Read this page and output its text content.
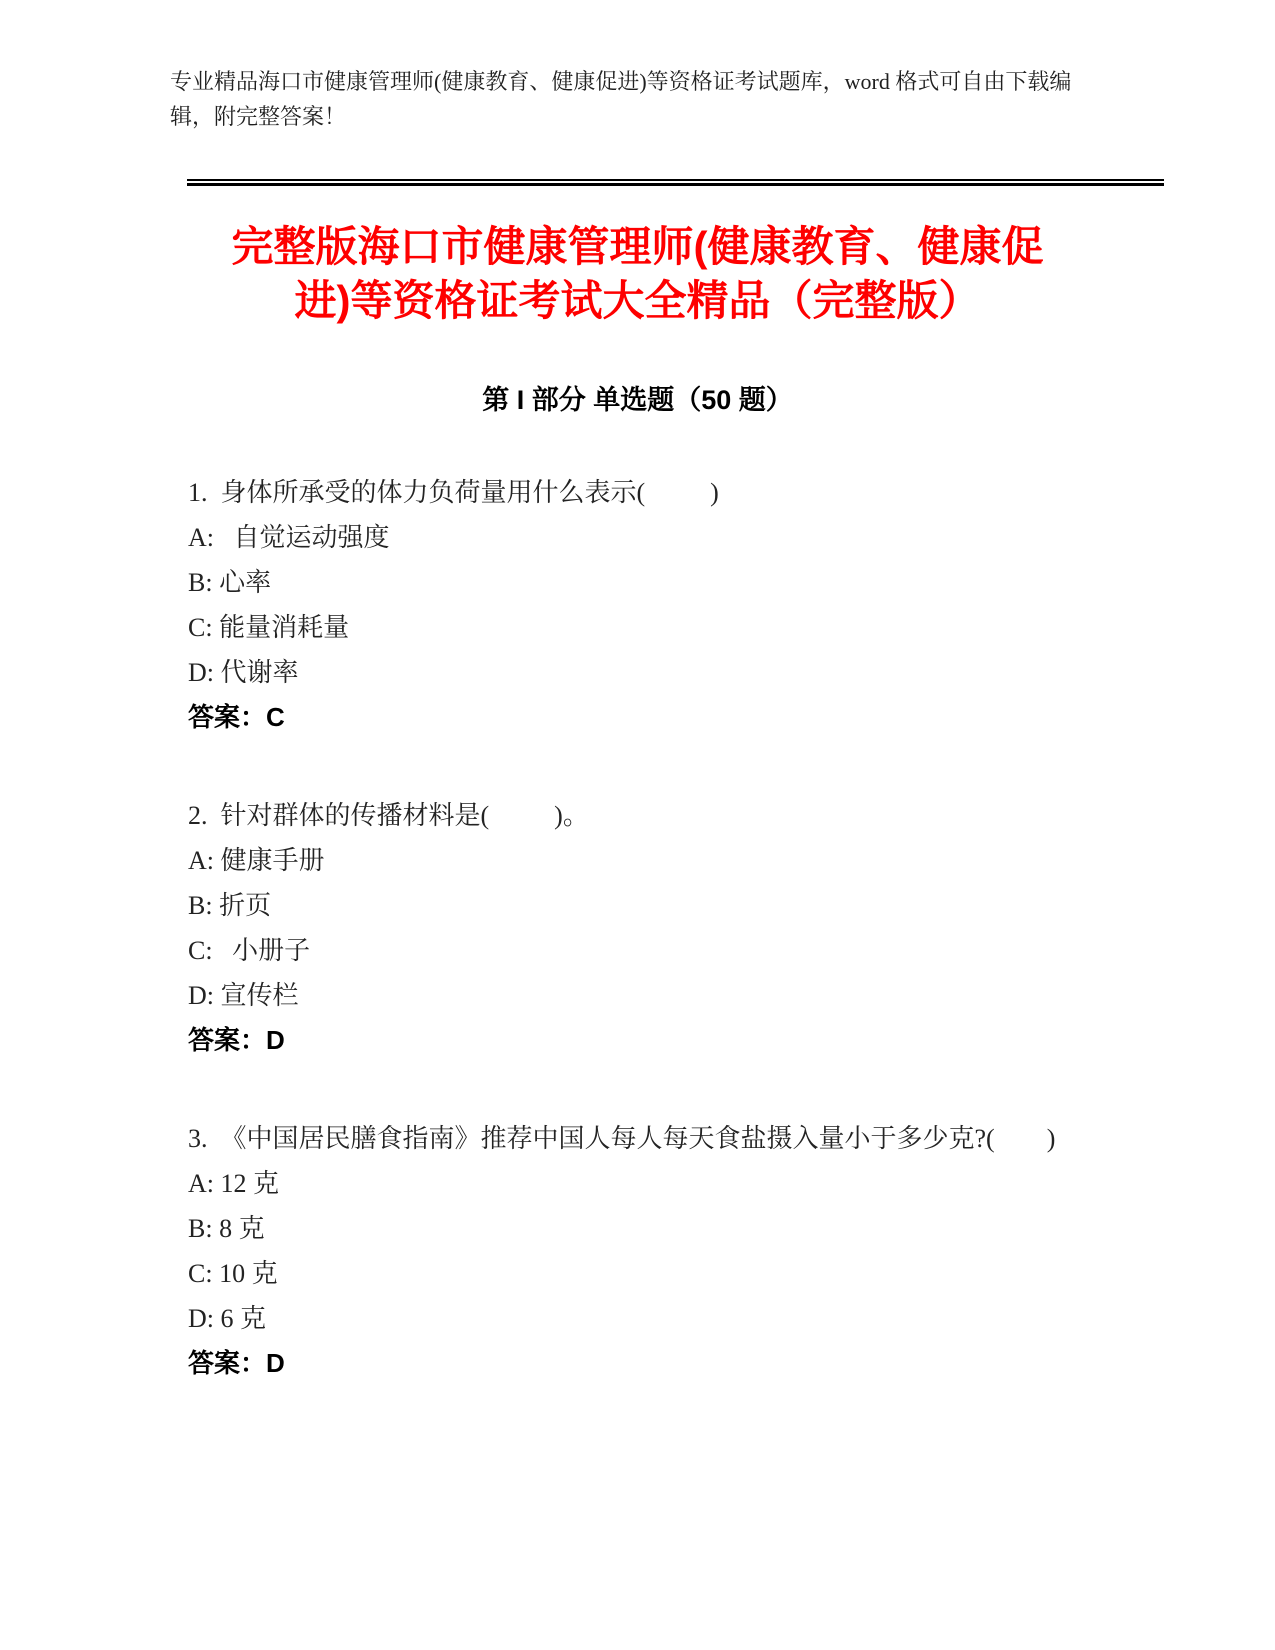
专业精品海口市健康管理师(健康教育、健康促进)等资格证考试题库，word 格式可自由下载编辑，附完整答案！
完整版海口市健康管理师(健康教育、健康促进)等资格证考试大全精品（完整版）
第 I 部分 单选题（50 题）

1.  身体所承受的体力负荷量用什么表示(          )

A:   自觉运动强度

B: 心率

C: 能量消耗量

D: 代谢率

答案：C

2.  针对群体的传播材料是(          )。

A: 健康手册

B: 折页

C:   小册子

D: 宣传栏

答案：D

3.  《中国居民膳食指南》推荐中国人每人每天食盐摄入量小于多少克?(        )

A: 12 克

B: 8 克

C: 10 克

D: 6 克

答案：D
